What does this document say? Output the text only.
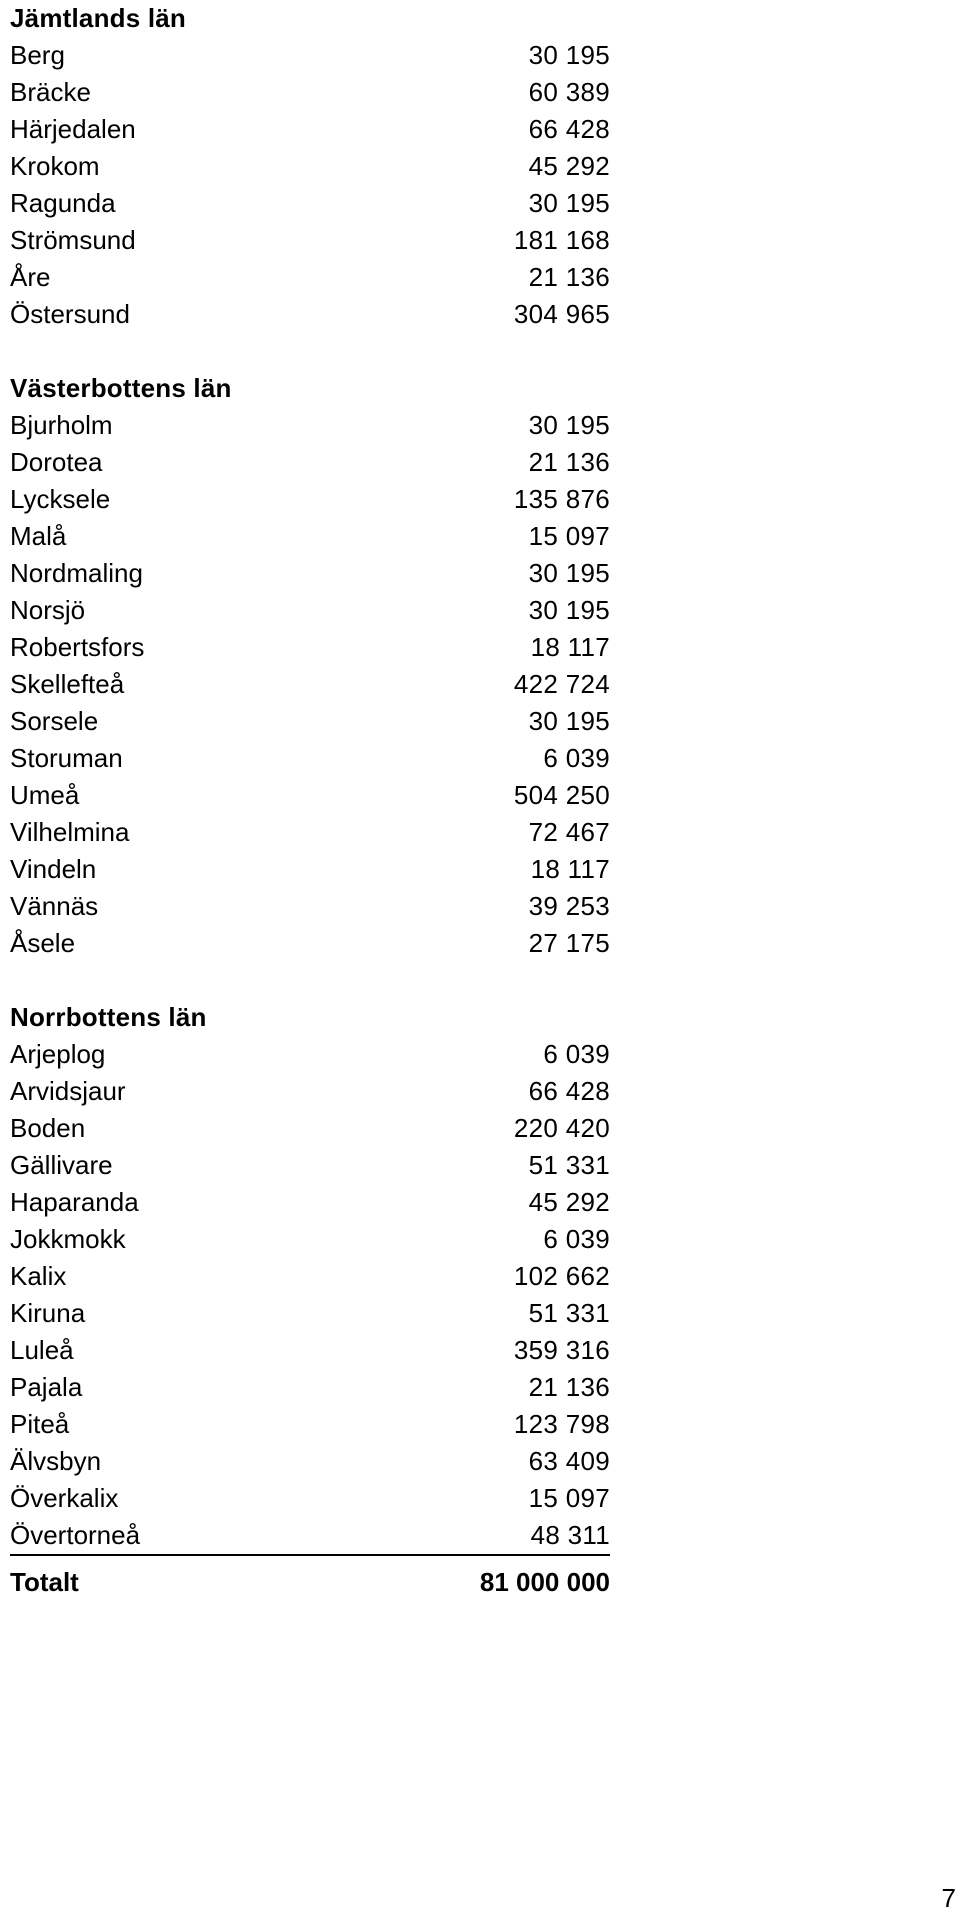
Jämtlands län
Berg	30 195
Bräcke	60 389
Härjedalen	66 428
Krokom	45 292
Ragunda	30 195
Strömsund	181 168
Åre	21 136
Östersund	304 965
Västerbottens län
Bjurholm	30 195
Dorotea	21 136
Lycksele	135 876
Malå	15 097
Nordmaling	30 195
Norsjö	30 195
Robertsfors	18 117
Skellefteå	422 724
Sorsele	30 195
Storuman	6 039
Umeå	504 250
Vilhelmina	72 467
Vindeln	18 117
Vännäs	39 253
Åsele	27 175
Norrbottens län
Arjeplog	6 039
Arvidsjaur	66 428
Boden	220 420
Gällivare	51 331
Haparanda	45 292
Jokkmokk	6 039
Kalix	102 662
Kiruna	51 331
Luleå	359 316
Pajala	21 136
Piteå	123 798
Älvsbyn	63 409
Överkalix	15 097
Övertorneå	48 311
Totalt	81 000 000
7
